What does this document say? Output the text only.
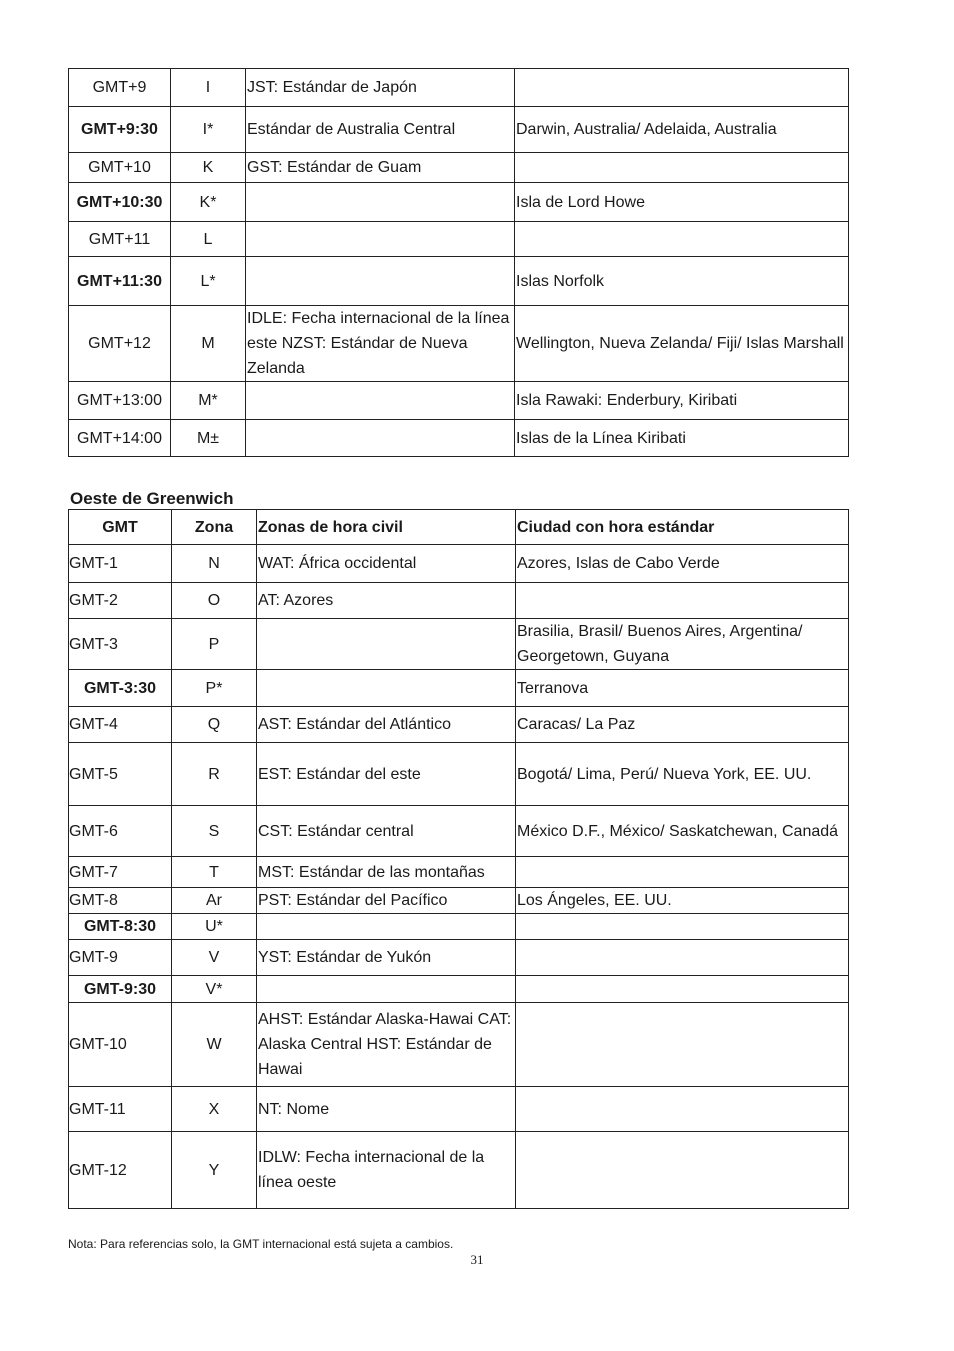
GMT+9	I	JST: Estándar de Japón	
GMT+9:30	I*	Estándar de Australia Central	Darwin, Australia/ Adelaida, Australia
GMT+10	K	GST: Estándar de Guam	
GMT+10:30	K*		Isla de Lord Howe
GMT+11	L		
GMT+11:30	L*		Islas Norfolk
GMT+12	M	IDLE: Fecha internacional de la línea este NZST: Estándar de Nueva Zelanda	Wellington, Nueva Zelanda/ Fiji/ Islas Marshall
GMT+13:00	M*		Isla Rawaki: Enderbury, Kiribati
GMT+14:00	M±		Islas de la Línea Kiribati
Oeste de Greenwich
GMT	Zona	Zonas de hora civil	Ciudad con hora estándar
GMT-1	N	WAT: África occidental	Azores, Islas de Cabo Verde
GMT-2	O	AT: Azores	
GMT-3	P		Brasilia, Brasil/ Buenos Aires, Argentina/ Georgetown, Guyana
GMT-3:30	P*		Terranova
GMT-4	Q	AST: Estándar del Atlántico	Caracas/ La Paz
GMT-5	R	EST: Estándar del este	Bogotá/ Lima, Perú/ Nueva York, EE. UU.
GMT-6	S	CST: Estándar central	México D.F., México/ Saskatchewan, Canadá
GMT-7	T	MST: Estándar de las montañas	
GMT-8	Ar	PST: Estándar del Pacífico	Los Ángeles, EE. UU.
GMT-8:30	U*		
GMT-9	V	YST: Estándar de Yukón	
GMT-9:30	V*		
GMT-10	W	AHST: Estándar Alaska-Hawai CAT: Alaska Central HST: Estándar de Hawai	
GMT-11	X	NT: Nome	
GMT-12	Y	IDLW: Fecha internacional de la línea oeste	
Nota: Para referencias solo, la GMT internacional está sujeta a cambios.
31
